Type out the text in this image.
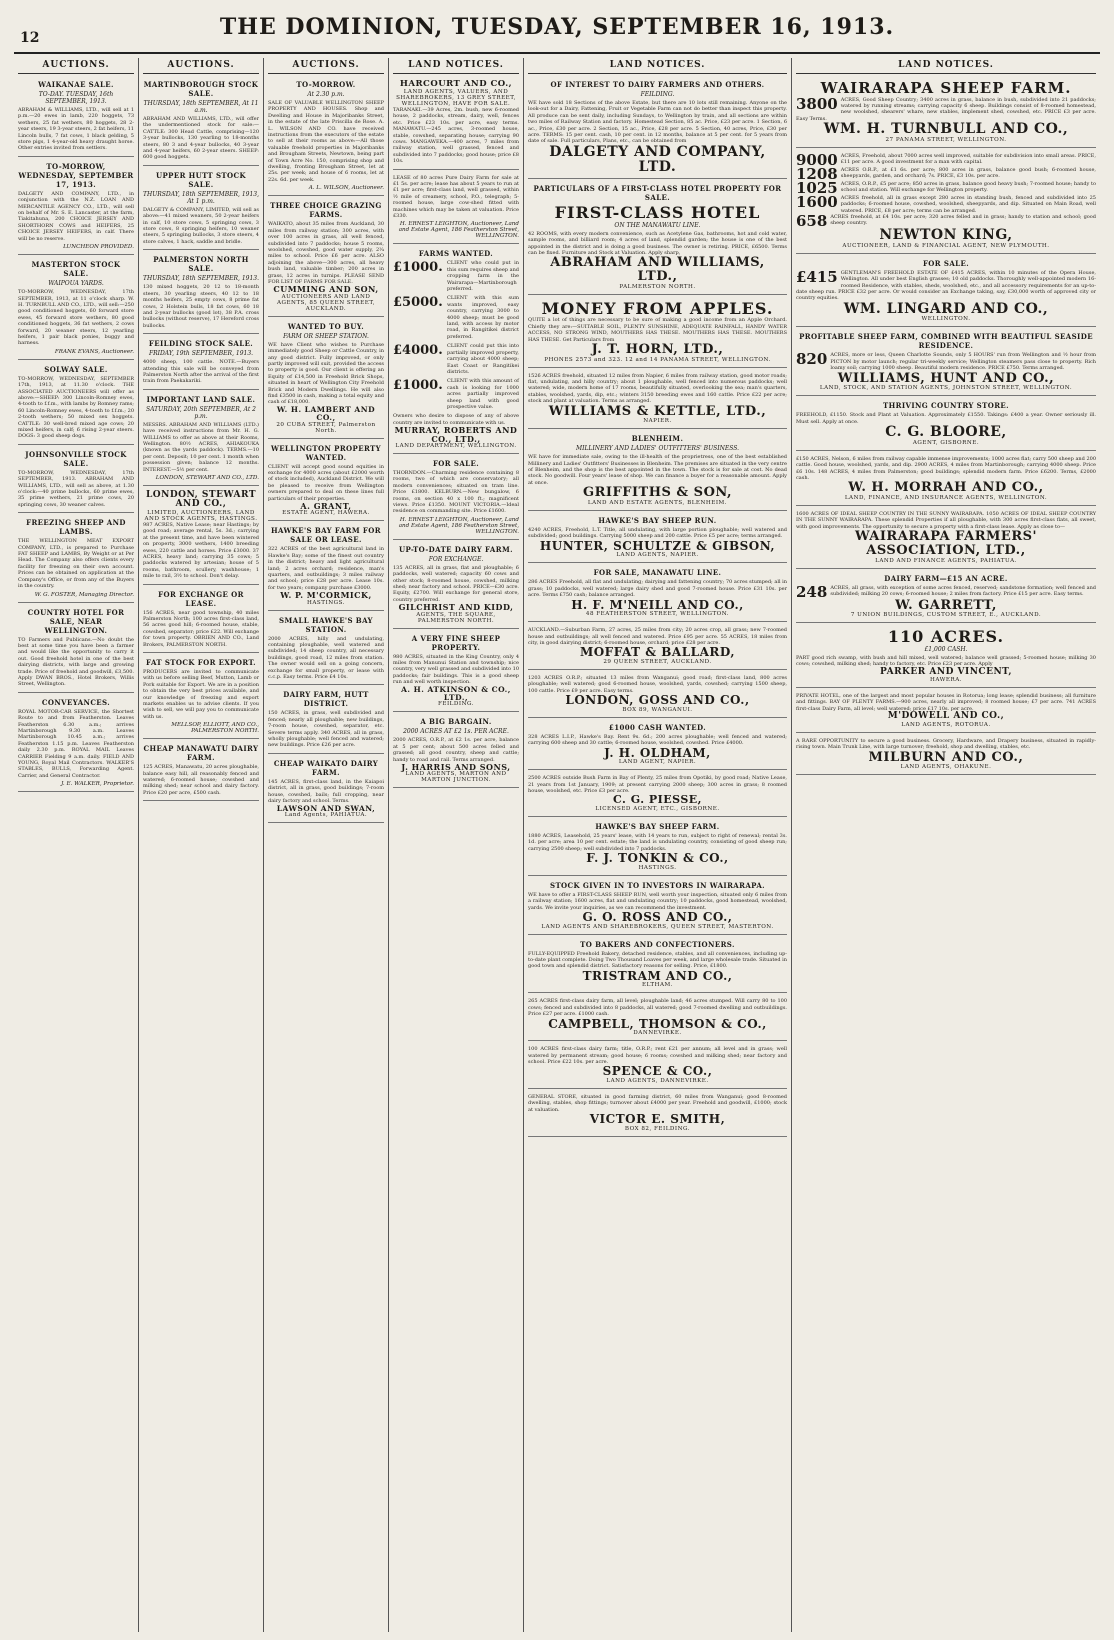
12	THE DOMINION, TUESDAY, SEPTEMBER 16, 1913.
AUCTIONS.
WAIKANAE SALE.
TO-DAY. TUESDAY, 16th SEPTEMBER, 1913.
ABRAHAM & WILLIAMS, LTD., will sell at 1 p.m.—20 ewes in lamb, 220 hoggets, 73 wethers, 25 fat wethers, 80 hoggets, 28 2-year steers, 19 3-year steers, 2 fat heifers, 11 Lincoln bulls, 7 fat cows, 1 black gelding, 5 store pigs, 1 4-year-old heavy draught horse. Other entries invited from settlers.
TO-MORROW, WEDNESDAY, SEPTEMBER 17, 1913.
DALGETY AND COMPANY, LTD., in conjunction with the N.Z. LOAN AND MERCANTILE AGENCY CO., LTD., will sell on behalf of Mr. S. E. Lancaster, at the farm, Tiakitahuna, 200 CHOICE JERSEY AND SHORTHORN COWS and HEIFERS, 25 CHOICE JERSEY HEIFERS, in calf. There will be no reserve.
LUNCHEON PROVIDED.
MASTERTON STOCK SALE.
WAIPOUA YARDS.
TO-MORROW, WEDNESDAY, 17th SEPTEMBER, 1913, at 11 o'clock sharp. W. H. TURNBULL AND CO., LTD., will sell:—250 good conditioned hoggets, 60 forward store ewes, 45 forward store wethers, 80 good conditioned hoggets, 36 fat wethers, 2 cows forward, 20 weaner steers, 12 yearling heifers, 1 pair black ponies, buggy and harness.
FRANK EVANS, Auctioneer.
SOLWAY SALE.
TO-MORROW, WEDNESDAY, SEPTEMBER 17th, 1913, at 11.30 o'clock. THE ASSOCIATED AUCTIONEERS will offer as above:—SHEEP: 300 Lincoln-Romney ewes, 4-tooth to f.f.m., with lambs by Romney rams; 60 Lincoln-Romney ewes, 4-tooth to f.f.m.; 20 2-tooth wethers; 50 mixed sex hoggets. CATTLE: 30 well-bred mixed age cows; 20 mixed heifers, in calf; 6 rising 2-year steers. DOGS: 3 good sheep dogs.
JOHNSONVILLE STOCK SALE.
TO-MORROW, WEDNESDAY, 17th SEPTEMBER, 1913. ABRAHAM AND WILLIAMS, LTD., will sell as above, at 1.30 o'clock:—40 prime bullocks, 60 prime ewes, 35 prime wethers, 21 prime cows, 20 springing cows, 30 weaner calves.
FREEZING SHEEP AND LAMBS.
THE WELLINGTON MEAT EXPORT COMPANY, LTD., is prepared to Purchase FAT SHEEP and LAMBS, By Weight or at Per Head. The Company also offers clients every facility for freezing on their own account. Prices can be obtained on application at the Company's Office, or from any of the Buyers in the country.
W. G. FOSTER, Managing Director.
COUNTRY HOTEL FOR SALE, NEAR WELLINGTON.
TO Farmers and Publicans.—No doubt the best at some time you have been a farmer and would like the opportunity to carry it out. Good freehold hotel in one of the best dairying districts, with large and growing trade. Price of freehold and goodwill, £3,500. Apply DWAN BROS., Hotel Brokers, Willis Street, Wellington.
CONVEYANCES.
ROYAL MOTOR-CAR SERVICE, the Shortest Route to and from Featherston. Leaves Featherston 6.30 a.m.; arrives Martinborough 9.30 a.m. Leaves Martinborough 10.45 a.m.; arrives Featherston 1.15 p.m. Leaves Featherston daily 2.30 p.m. ROYAL MAIL Leaves CARRIER Fielding 9 a.m. daily. FIELD AND YOUNG, Royal Mail Contractors. WALKER'S STABLES, BULLS, Forwarding Agent. Carrier, and General Contractor.
J. E. WALKER, Proprietor.
AUCTIONS.
MARTINBOROUGH STOCK SALE.
THURSDAY, 18th SEPTEMBER, At 11 a.m.
ABRAHAM AND WILLIAMS, LTD., will offer the undermentioned stock for sale:—CATTLE: 300 Head Cattle, comprising—120 3-year bullocks, 130 yearling to 18-months steers, 80 3 and 4-year bullocks, 40 3-year and 4-year heifers, 60 2-year steers. SHEEP: 600 good hoggets.
UPPER HUTT STOCK SALE.
THURSDAY, 18th SEPTEMBER, 1913, At 1 p.m.
DALGETY & COMPANY, LIMITED, will sell as above:—41 mixed weaners, 50 2-year heifers in calf, 10 store cows, 5 springing cows, 3 store cows, 8 springing heifers, 10 weaner steers, 5 springing bullocks, 3 store steers, 4 store calves, 1 hack, saddle and bridle.
PALMERSTON NORTH SALE.
THURSDAY, 18th SEPTEMBER, 1913.
130 mixed hoggets, 20 12 to 18-month steers, 30 yearling steers, 40 12 to 18 months heifers, 25 empty cows, 8 prime fat cows, 2 Holstein bulls, 18 fat cows, 60 18 and 2-year bullocks (good lot), 38 P.A. cross bullocks (without reserve), 17 Hereford cross bullocks.
FEILDING STOCK SALE.
FRIDAY, 19th SEPTEMBER, 1913.
4000 sheep, 100 cattle. NOTE.—Buyers attending this sale will be conveyed from Palmerston North after the arrival of the first train from Paekakariki.
IMPORTANT LAND SALE.
SATURDAY, 20th SEPTEMBER, At 2 p.m.
MESSRS. ABRAHAM AND WILLIAMS (LTD.) have received instructions from Mr. H. G. WILLIAMS to offer as above at their Rooms, Wellington. 80½ ACRES, AHIAKOUKA (known as the yards paddock). TERMS.—10 per cent. Deposit; 10 per cent. 1 month when possession given; balance 12 months. INTEREST.—5½ per cent.
LONDON, STEWART AND CO., LTD.
LONDON, STEWART AND CO.,
LIMITED, AUCTIONEERS, LAND AND STOCK AGENTS, HASTINGS.
987 ACRES, Native Lease; near Hastings; by good road; average rental, 5s. 3d.; carrying at the present time, and have been wintered on property, 3000 wethers, 1400 breeding ewes, 220 cattle and horses. Price £3000. 37 ACRES, heavy land; carrying 35 cows; 5 paddocks watered by artesian; house of 5 rooms, bathroom, scullery, washhouse; 1 mile to rail, 3½ to school. Don't delay.
FOR EXCHANGE OR LEASE.
156 ACRES, near good township, 40 miles Palmerston North; 100 acres first-class land, 56 acres good hill; 6-roomed house, stable, cowshed, separator; price £22. Will exchange for town property. OBRIEN AND CO., Land Brokers, PALMERSTON NORTH.
FAT STOCK FOR EXPORT.
PRODUCERS are invited to communicate with us before selling Beef, Mutton, Lamb or Pork suitable for Export. We are in a position to obtain the very best prices available, and our knowledge of freezing and export markets enables us to advise clients. If you wish to sell, we will pay you to communicate with us.
MELLSOP, ELLIOTT, AND CO., PALMERSTON NORTH.
CHEAP MANAWATU DAIRY FARM.
125 ACRES, Manawatu, 20 acres ploughable, balance easy hill, all reasonably fenced and watered; 6-roomed house; cowshed and milking shed; near school and dairy factory. Price £20 per acre, £500 cash.
AUCTIONS.
TO-MORROW.
At 2.30 p.m.
SALE OF VALUABLE WELLINGTON SHEEP PROPERTY AND HOUSES. Shop and Dwelling and House in Majoribanks Street, in the estate of the late Priscilla de Rose. A. L. WILSON AND CO. have received instructions from the executors of the estate to sell at their rooms as above:—All those valuable freehold properties in Majoribanks and Brougham Streets, Newtown, being part of Town Acre No. 150, comprising shop and dwelling, fronting Brougham Street, let at 25s. per week; and house of 6 rooms, let at 22s. 6d. per week.
A. L. WILSON, Auctioneer.
THREE CHOICE GRAZING FARMS.
WAIKATO, about 35 miles from Auckland, 30 miles from railway station; 300 acres, with over 100 acres in grass, all well fenced, subdivided into 7 paddocks; house 5 rooms, woolshed, cowshed, good water supply, 2¼ miles to school. Price £6 per acre. ALSO adjoining the above—300 acres, all heavy bush land, valuable timber; 200 acres in grass, 12 acres in turnips. PLEASE SEND FOR LIST OF FARMS FOR SALE.
CUMMING AND SON,
AUCTIONEERS AND LAND AGENTS, 85 QUEEN STREET, AUCKLAND.
WANTED TO BUY.
FARM OR SHEEP STATION.
WE have Client who wishes to Purchase immediately good Sheep or Cattle Country, in any good district. Fully improved, or only partly improved will suit, provided the access to property is good. Our client is offering an Equity of £14,500 in Freehold Brick Shops, situated in heart of Wellington City Freehold Brick and Modern Dwellings. He will also find £3500 in cash, making a total equity and cash of £18,000.
W. H. LAMBERT AND CO.,
20 CUBA STREET, Palmerston North.
WELLINGTON PROPERTY WANTED.
CLIENT will accept good sound equities in exchange for 4000 acres (about £2000 worth of stock included), Auckland District. We will be pleased to receive from Wellington owners prepared to deal on these lines full particulars of their properties.
A. GRANT,
ESTATE AGENT, HAWERA.
HAWKE'S BAY FARM FOR SALE OR LEASE.
322 ACRES of the best agricultural land in Hawke's Bay; some of the finest out country in the district; heavy and light agricultural land; 2 acres orchard; residence, man's quarters, and outbuildings; 3 miles railway and school; price £28 per acre. Lease 10s. for two years; company purchase £3000.
W. P. M'CORMICK,
HASTINGS.
SMALL HAWKE'S BAY STATION.
2000 ACRES, hilly and undulating, containing ploughable, well watered and subdivided; 14 sheep country, all necessary buildings, good road, 12 miles from station. The owner would sell on a going concern, exchange for small property, or lease with c.c.p. Easy terms. Price £4 10s.
DAIRY FARM, HUTT DISTRICT.
150 ACRES, in grass, well subdivided and fenced; nearly all ploughable; new buildings, 7-room house, cowshed, separator, etc. Severe terms apply. 340 ACRES, all in grass, wholly ploughable; well fenced and watered; new buildings. Price £26 per acre.
CHEAP WAIKATO DAIRY FARM.
145 ACRES, first-class land, in the Kaiapoi district, all in grass, good buildings; 7-room house, cowshed, bails; full cropping, near dairy factory and school. Terms.
LAWSON AND SWAN,
Land Agents, PAHIATUA.
LAND NOTICES.
HARCOURT AND CO.,
LAND AGENTS, VALUERS, AND SHAREBROKERS, 13 GREY STREET, WELLINGTON, HAVE FOR SALE.
TARANAKI.—39 Acres, 2m. bush, new 6-roomed house, 2 paddocks, stream, dairy, well, fences etc. Price £23 10s. per acre, easy terms. MANAWATU.—245 acres, 3-roomed house, stable, cowshed, separating house; carrying 90 cows. MANGAWEKA.—400 acres, 7 miles from railway station, well grassed, fenced and subdivided into 7 paddocks; good house; price £8 10s.
LEASE of 80 acres Pure Dairy Farm for sale at £1 5s. per acre; lease has about 5 years to run at £1 per acre; first-class land, well grassed, within ½ mile of creamery, school, P.O., telegraph; 5-roomed house, large cow-shed fitted with machines which may be taken at valuation. Price £330.
H. ERNEST LEIGHTON, Auctioneer, Land and Estate Agent, 186 Featherston Street, WELLINGTON.
FARMS WANTED.
£1000. CLIENT who could put in this sum requires sheep and cropping farm in the Wairarapa—Martinborough preferred.
£5000. CLIENT with this sum wants improved, easy country, carrying 3000 to 4000 sheep; must be good land, with access by motor road, in Rangitikei district preferred.
£4000. CLIENT could put this into partially improved property, carrying about 4000 sheep; East Coast or Rangitikei districts.
£1000. CLIENT with this amount of cash is looking for 1000 acres partially improved sheep land with good prospective value.
Owners who desire to dispose of any of above country are invited to communicate with us.
MURRAY, ROBERTS AND CO., LTD.,
LAND DEPARTMENT, WELLINGTON.
FOR SALE.
THORNDON.—Charming residence containing 8 rooms, two of which are conservatory; all modern conveniences; situated on tram line. Price £1800. KELBURN.—New bungalow, 6 rooms, on section 40 x 100 ft.; magnificent views. Price £1350. MOUNT VICTORIA.—Ideal residence on commanding site. Price £1600.
H. ERNEST LEIGHTON, Auctioneer, Land and Estate Agent, 186 Featherston Street, WELLINGTON.
UP-TO-DATE DAIRY FARM.
FOR EXCHANGE.
135 ACRES, all in grass, flat and ploughable; 6 paddocks, well watered; capacity 60 cows and other stock; 8-roomed house, cowshed, milking shed; near factory and school. PRICE—£30 acre. Equity, £2700. Will exchange for general store, country preferred.
GILCHRIST AND KIDD,
AGENTS, THE SQUARE, PALMERSTON NORTH.
A VERY FINE SHEEP PROPERTY.
980 ACRES, situated in the King Country, only 4 miles from Manunui Station and township; nice country, very well grassed and subdivided into 10 paddocks; fair buildings. This is a good sheep run and well worth inspection.
A. H. ATKINSON & CO., LTD.,
FEILDING.
A BIG BARGAIN.
2000 ACRES AT £2 1s. PER ACRE.
2000 ACRES, O.R.P., at £2 1s. per acre, balance at 5 per cent; about 500 acres felled and grassed; all good country, sheep and cattle; handy to road and rail. Terms arranged.
J. HARRIS AND SONS,
LAND AGENTS, MARTON AND MARTON JUNCTION.
LAND NOTICES.
OF INTEREST TO DAIRY FARMERS AND OTHERS.
FEILDING.
WE have sold 18 Sections of the above Estate, but there are 10 lots still remaining. Anyone on the look-out for a Dairy, Fattening, Fruit or Vegetable Farm can not do better than inspect this property. All produce can be sent daily, including Sundays, to Wellington by train, and all sections are within two miles of Railway Station and factory. Homestead Section, 85 ac. Price, £23 per acre. 1 Section, 6 ac., Price, £30 per acre. 2 Section, 15 ac., Price, £28 per acre. 5 Section, 40 acres, Price, £30 per acre. TERMS: 15 per cent. cash, 10 per cent. in 12 months, balance at 5 per cent. for 5 years from date of sale. Full particulars, Plans, etc., can be obtained from
DALGETY AND COMPANY, LTD.
PARTICULARS OF A FIRST-CLASS HOTEL PROPERTY FOR SALE.
FIRST-CLASS HOTEL
ON THE MANAWATU LINE.
42 ROOMS, with every modern convenience, such as Acetylene Gas, bathrooms, hot and cold water, sample rooms, and billiard room; 4 acres of land, splendid garden; the house is one of the best appointed in the district and is doing a good business. The owner is retiring. PRICE, £6500. Terms can be fixed. Furniture and Stock at Valuation. Apply sharp,
ABRAHAM AND WILLIAMS, LTD.,
PALMERSTON NORTH.
MONEY FROM APPLES.
QUITE a lot of things are necessary to be sure of making a good income from an Apple Orchard. Chiefly they are:—SUITABLE SOIL, PLENTY SUNSHINE, ADEQUATE RAINFALL, HANDY WATER ACCESS, NO STRONG WIND, MOUTHERS HAS THESE. MOUTHERS HAS THESE. MOUTHERS HAS THESE. Get Particulars from
J. T. HORN, LTD.,
PHONES 2573 and 323. 12 and 14 PANAMA STREET, WELLINGTON.
1526 ACRES freehold, situated 12 miles from Napier, 6 miles from railway station, good motor roads; flat, undulating, and hilly country; about 1 ploughable, well fenced into numerous paddocks; well watered; wide, modern home of 17 rooms, beautifully situated, overlooking the sea; man's quarters, stables, woolshed, yards, dip, etc.; winters 3150 breeding ewes and 160 cattle. Price £22 per acre; stock and plant at valuation. Terms as arranged.
WILLIAMS & KETTLE, LTD.,
NAPIER.
BLENHEIM.
MILLINERY AND LADIES' OUTFITTERS' BUSINESS.
WE have for immediate sale, owing to the ill-health of the proprietress, one of the best established Millinery and Ladies' Outfitters' Businesses in Blenheim. The premises are situated in the very centre of Blenheim, and the shop is the best appointed in the town. The stock is for sale at cost. No dead stock. No goodwill. Four years' lease of shop. We can finance a buyer for a reasonable amount. Apply at once.
GRIFFITHS & SON,
LAND AND ESTATE AGENTS, BLENHEIM.
HAWKE'S BAY SHEEP RUN.
4240 ACRES, Freehold, L.T. Title, all undulating, with large portion ploughable; well watered and subdivided; good buildings. Carrying 5000 sheep and 200 cattle. Price £5 per acre; terms arranged.
HUNTER, SCHULTZE & GIBSON,
LAND AGENTS, NAPIER.
FOR SALE, MANAWATU LINE.
286 ACRES Freehold, all flat and undulating; dairying and fattening country; 70 acres stumped; all in grass; 10 paddocks, well watered; large dairy shed and good 7-roomed house. Price £31 10s. per acre. Terms £750 cash; balance arranged.
H. F. M'NEILL AND CO.,
48 FEATHERSTON STREET, WELLINGTON.
AUCKLAND.—Suburban Farm, 27 acres, 25 miles from city; 20 acres crop, all grass; new 7-roomed house and outbuildings; all well fenced and watered. Price £95 per acre. 55 ACRES, 18 miles from city, in good dairying district; 6-roomed house, orchard; price £28 per acre.
MOFFAT & BALLARD,
29 QUEEN STREET, AUCKLAND.
1203 ACRES O.R.P.; situated 13 miles from Wanganui; good road; first-class land, 800 acres ploughable; well watered; good 6-roomed house, woolshed, yards, cowshed; carrying 1500 sheep, 100 cattle. Price £9 per acre. Easy terms.
LONDON, GOSS AND CO.,
BOX 89, WANGANUI.
£1000 CASH WANTED.
328 ACRES L.I.P., Hawke's Bay. Rent 9s. 6d.; 200 acres ploughable; well fenced and watered; carrying 600 sheep and 30 cattle; 6-roomed house, woolshed, cowshed. Price £4000.
J. H. OLDHAM,
LAND AGENT, NAPIER.
2500 ACRES outside Bush Farm in Bay of Plenty, 25 miles from Opotiki, by good road; Native Lease, 21 years from 1st January, 1909; at present carrying 2000 sheep; 300 acres in grass; 8 roomed house, woolshed, etc. Price £3 per acre.
C. G. PIESSE,
LICENSED AGENT, ETC., GISBORNE.
HAWKE'S BAY SHEEP FARM.
1880 ACRES, Leasehold, 25 years' lease, with 14 years to run, subject to right of renewal; rental 3s. 1d. per acre; area 10 per cent. estate; the land is undulating country, consisting of good sheep run; carrying 2500 sheep; well subdivided into 7 paddocks.
F. J. TONKIN & CO.,
HASTINGS.
STOCK GIVEN IN TO INVESTORS IN WAIRARAPA.
WE have to offer a FIRST-CLASS SHEEP RUN, well worth your inspection, situated only 6 miles from a railway station; 1600 acres, flat and undulating country; 10 paddocks, good homestead, woolshed, yards. We invite your inquiries, as we can recommend the investment.
G. O. ROSS AND CO.,
LAND AGENTS AND SHAREBROKERS, QUEEN STREET, MASTERTON.
TO BAKERS AND CONFECTIONERS.
FULLY-EQUIPPED Freehold Bakery, detached residence, stables, and all conveniences, including up-to-date plant complete. Doing Two Thousand Loaves per week, and large wholesale trade. Situated in good town and splendid district. Satisfactory reasons for selling. Price, £1800.
TRISTRAM AND CO.,
ELTHAM.
265 ACRES first-class dairy farm, all level; ploughable land; 46 acres stumped. Will carry 80 to 100 cows; fenced and subdivided into 8 paddocks, all watered; good 7-roomed dwelling and outbuildings. Price £27 per acre. £1000 cash.
CAMPBELL, THOMSON & CO.,
DANNEVIRKE.
100 ACRES first-class dairy farm; title, O.R.P.; rent £21 per annum; all level and in grass; well watered by permanent stream; good house; 6 rooms; cowshed and milking shed; near factory and school. Price £22 10s. per acre.
SPENCE & CO.,
LAND AGENTS, DANNEVIRKE.
GENERAL STORE, situated in good farming district, 60 miles from Wanganui; good 8-roomed dwelling, stables, shop fittings; turnover about £4000 per year. Freehold and goodwill, £1000; stock at valuation.
VICTOR E. SMITH,
BOX 82, FEILDING.
LAND NOTICES.
WAIRARAPA SHEEP FARM.
3800 ACRES, Good Sheep Country; 3400 acres in grass, balance in bush, subdivided into 21 paddocks; watered by running streams; carrying capacity 6 sheep. Buildings consist of 8-roomed homestead, new woolshed, shearers' whare, new stables, implement shed, cowshed, etc. PRICE £3 per acre. Easy Terms.
WM. H. TURNBULL AND CO.,
27 PANAMA STREET, WELLINGTON.
9000 ACRES, Freehold, about 7000 acres well improved, suitable for subdivision into small areas. PRICE, £11 per acre. A good investment for a man with capital.
1208 ACRES O.R.P., at £1 6s. per acre; 800 acres in grass, balance good bush; 6-roomed house, sheepyards, garden, and orchard; 7s. PRICE, £3 10s. per acre.
1025 ACRES, O.R.P., £5 per acre; 850 acres in grass, balance good heavy bush; 7-roomed house; handy to school and station. Will exchange for Wellington property.
1600 ACRES freehold, all in grass except 280 acres in standing bush, fenced and subdivided into 25 paddocks; 6-roomed house, cowshed, woolshed, sheepyards, and dip. Situated on Main Road, well watered. PRICE, £8 per acre; terms can be arranged.
658 ACRES freehold, at £4 10s. per acre; 320 acres felled and in grass; handy to station and school; good sheep country.
NEWTON KING,
AUCTIONEER, LAND & FINANCIAL AGENT, NEW PLYMOUTH.
FOR SALE.
£415 GENTLEMAN'S FREEHOLD ESTATE OF £415 ACRES, within 10 minutes of the Opera House, Wellington. All under best English grasses; 10 old paddocks. Thoroughly well-appointed modern 16-roomed Residence, with stables, sheds, woolshed, etc., and all accessory requirements for an up-to-date sheep run. PRICE £32 per acre. Or would consider an Exchange taking, say, £30,000 worth of approved city or country equities.
WM. LINGARD AND CO.,
WELLINGTON.
PROFITABLE SHEEP FARM, COMBINED WITH BEAUTIFUL SEASIDE RESIDENCE.
820 ACRES, more or less, Queen Charlotte Sounds, only 5 HOURS' run from Wellington and ½ hour from PICTON by motor launch; regular tri-weekly service; Wellington steamers pass close to property. Rich loamy soil; carrying 1000 sheep. Beautiful modern residence. PRICE £750. Terms arranged.
WILLIAMS, HUNT AND CO.,
LAND, STOCK, AND STATION AGENTS, JOHNSTON STREET, WELLINGTON.
THRIVING COUNTRY STORE.
FREEHOLD, £1150. Stock and Plant at Valuation. Approximately £1550. Takings: £400 a year. Owner seriously ill. Must sell. Apply at once.
C. G. BLOORE,
AGENT, GISBORNE.
£150 ACRES, Nelson, 6 miles from railway capable immense improvements; 1000 acres flat; carry 500 sheep and 200 cattle. Good house, woolshed, yards, and dip. 2900 ACRES, 4 miles from Martinborough; carrying 4000 sheep. Price £6 10s. 148 ACRES, 4 miles from Palmerston; good buildings; splendid modern farm. Price £6200. Terms, £2000 cash.
W. H. MORRAH AND CO.,
LAND, FINANCE, AND INSURANCE AGENTS, WELLINGTON.
1600 ACRES OF IDEAL SHEEP COUNTRY IN THE SUNNY WAIRARAPA. 1050 ACRES OF IDEAL SHEEP COUNTRY IN THE SUNNY WAIRARAPA. These splendid Properties if all ploughable, with 300 acres first-class flats, all sweet, with good improvements. The opportunity to secure a property with a first-class lease. Apply as close to—
WAIRARAPA FARMERS' ASSOCIATION, LTD.,
LAND AND FINANCE AGENTS, PAHIATUA.
DAIRY FARM—£15 AN ACRE.
248 ACRES, all grass, with exception of some acres fenced, reserved; sandstone formation; well fenced and subdivided; milking 20 cows; 6-roomed house; 2 miles from factory. Price £15 per acre. Easy terms.
W. GARRETT,
7 UNION BUILDINGS, CUSTOM STREET, E., AUCKLAND.
110 ACRES.
£1,000 CASH.
PART good rich swamp, with bush and hill mixed, well watered; balance well grassed; 5-roomed house; milking 30 cows; cowshed, milking shed; handy to factory, etc. Price £23 per acre. Apply
PARKER AND VINCENT,
HAWERA.
PRIVATE HOTEL, one of the largest and most popular houses in Rotorua; long lease; splendid business; all furniture and fittings. BAY OF PLENTY FARMS.—900 acres, nearly all improved; 8 roomed house; £7 per acre. 741 ACRES first-class Dairy Farm, all level; well watered; price £17 10s. per acre.
M'DOWELL AND CO.,
LAND AGENTS, ROTORUA.
A RARE OPPORTUNITY to secure a good business. Grocery, Hardware, and Drapery business, situated in rapidly-rising town. Main Trunk Line, with large turnover; freehold, shop and dwelling, stables, etc.
MILBURN AND CO.,
LAND AGENTS, OHAKUNE.
